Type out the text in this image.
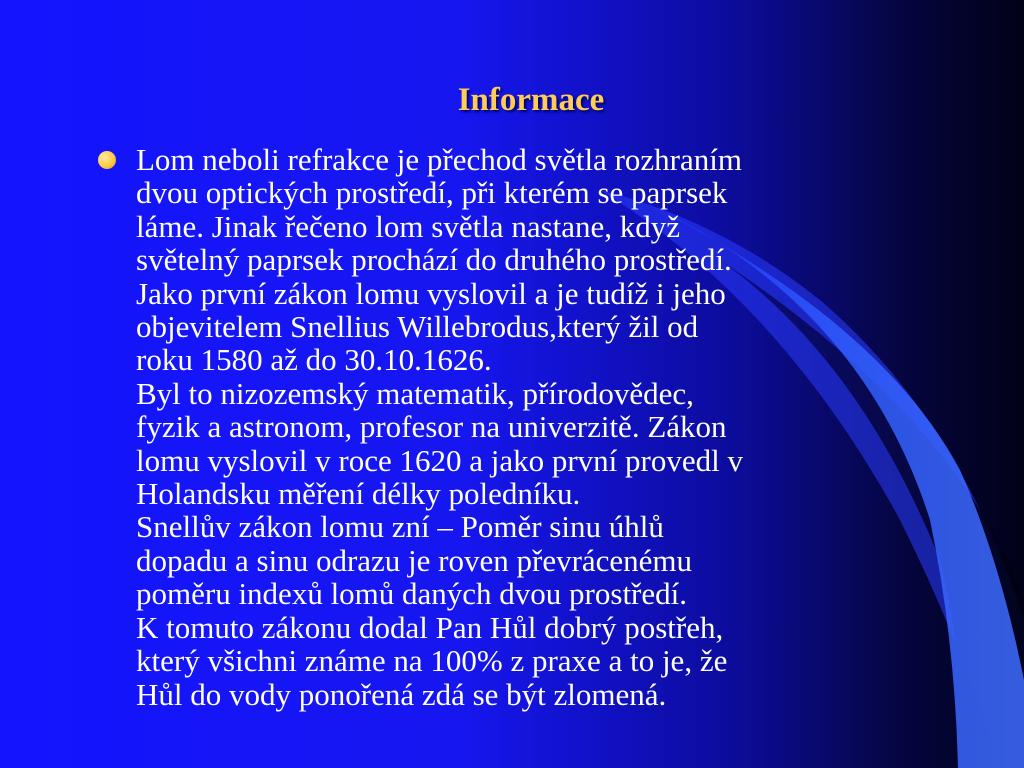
Informace

Lom neboli refrakce je přechod světla rozhraním
dvou optických prostředí, při kterém se paprsek
láme. Jinak řečeno lom světla nastane, když
světelný paprsek prochází do druhého prostředí.
Jako první zákon lomu vyslovil a je tudíž i jeho
objevitelem Snellius Willebrodus,který žil od
roku 1580 až do 30.10.1626.
Byl to nizozemský matematik, přírodovědec,
fyzik a astronom, profesor na univerzitě. Zákon
lomu vyslovil v roce 1620 a jako první provedl v
Holandsku měření délky poledníku.
Snellův zákon lomu zní – Poměr sinu úhlů
dopadu a sinu odrazu je roven převrácenému
poměru indexů lomů daných dvou prostředí.
K tomuto zákonu dodal Pan Hůl dobrý postřeh,
který všichni známe na 100% z praxe a to je, že
Hůl do vody ponořená zdá se být zlomená.
